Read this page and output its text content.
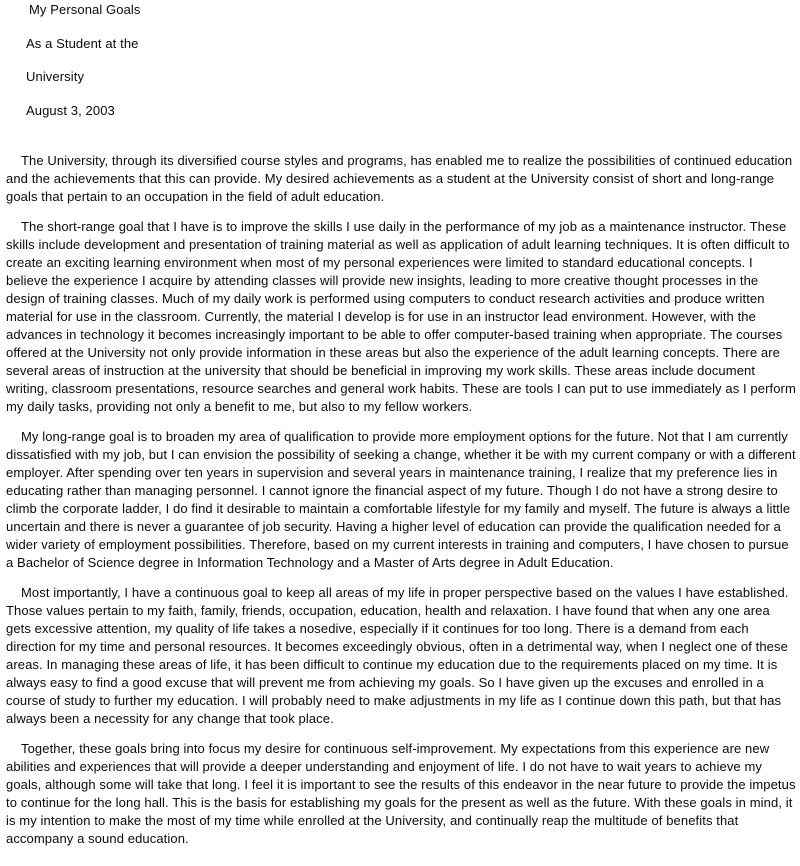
My Personal Goals
As a Student at the
University
August 3, 2003

The University, through its diversified course styles and programs, has enabled me to realize the possibilities of continued education and the achievements that this can provide. My desired achievements as a student at the University consist of short and long-range goals that pertain to an occupation in the field of adult education.

The short-range goal that I have is to improve the skills I use daily in the performance of my job as a maintenance instructor. These skills include development and presentation of training material as well as application of adult learning techniques. It is often difficult to create an exciting learning environment when most of my personal experiences were limited to standard educational concepts. I believe the experience I acquire by attending classes will provide new insights, leading to more creative thought processes in the design of training classes. Much of my daily work is performed using computers to conduct research activities and produce written material for use in the classroom. Currently, the material I develop is for use in an instructor lead environment. However, with the advances in technology it becomes increasingly important to be able to offer computer-based training when appropriate. The courses offered at the University not only provide information in these areas but also the experience of the adult learning concepts. There are several areas of instruction at the university that should be beneficial in improving my work skills. These areas include document writing, classroom presentations, resource searches and general work habits. These are tools I can put to use immediately as I perform my daily tasks, providing not only a benefit to me, but also to my fellow workers.

My long-range goal is to broaden my area of qualification to provide more employment options for the future. Not that I am currently dissatisfied with my job, but I can envision the possibility of seeking a change, whether it be with my current company or with a different employer. After spending over ten years in supervision and several years in maintenance training, I realize that my preference lies in educating rather than managing personnel. I cannot ignore the financial aspect of my future. Though I do not have a strong desire to climb the corporate ladder, I do find it desirable to maintain a comfortable lifestyle for my family and myself. The future is always a little uncertain and there is never a guarantee of job security. Having a higher level of education can provide the qualification needed for a wider variety of employment possibilities. Therefore, based on my current interests in training and computers, I have chosen to pursue a Bachelor of Science degree in Information Technology and a Master of Arts degree in Adult Education.

Most importantly, I have a continuous goal to keep all areas of my life in proper perspective based on the values I have established. Those values pertain to my faith, family, friends, occupation, education, health and relaxation. I have found that when any one area gets excessive attention, my quality of life takes a nosedive, especially if it continues for too long. There is a demand from each direction for my time and personal resources. It becomes exceedingly obvious, often in a detrimental way, when I neglect one of these areas. In managing these areas of life, it has been difficult to continue my education due to the requirements placed on my time. It is always easy to find a good excuse that will prevent me from achieving my goals. So I have given up the excuses and enrolled in a course of study to further my education. I will probably need to make adjustments in my life as I continue down this path, but that has always been a necessity for any change that took place.

Together, these goals bring into focus my desire for continuous self-improvement. My expectations from this experience are new abilities and experiences that will provide a deeper understanding and enjoyment of life. I do not have to wait years to achieve my goals, although some will take that long. I feel it is important to see the results of this endeavor in the near future to provide the impetus to continue for the long hall. This is the basis for establishing my goals for the present as well as the future. With these goals in mind, it is my intention to make the most of my time while enrolled at the University, and continually reap the multitude of benefits that accompany a sound education.
